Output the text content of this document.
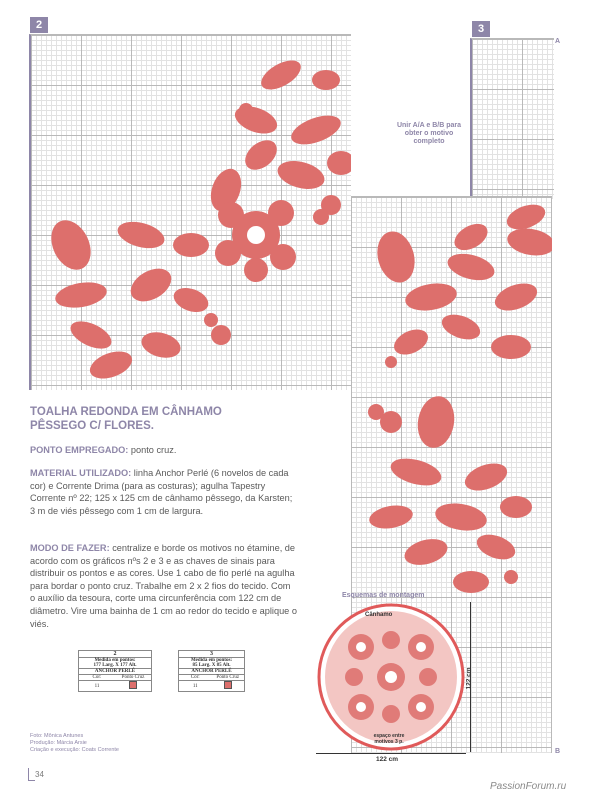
2	3
A
Unir A/A e B/B para obter o motivo completo
B
TOALHA REDONDA EM CÂNHAMO
PÊSSEGO C/ FLORES.
PONTO EMPREGADO: ponto cruz.
MATERIAL UTILIZADO: linha Anchor Perlé (6 novelos de cada cor) e Corrente Drima (para as costuras); agulha Tapestry Corrente nº 22; 125 x 125 cm de cânhamo pêssego, da Karsten; 3 m de viés pêssego com 1 cm de largura.
MODO DE FAZER: centralize e borde os motivos no étamine, de acordo com os gráficos nºs 2 e 3 e as chaves de sinais para distribuir os pontos e as cores. Use 1 cabo de fio perlé na agulha para bordar o ponto cruz. Trabalhe em 2 x 2 fios do tecido. Com o auxílio da tesoura, corte uma circunferência com 122 cm de diâmetro. Vire uma bainha de 1 cm ao redor do tecido e aplique o viés.
2
Medida em pontos:
177 Larg. X 177 Alt.
ANCHOR PERLÉ
Cor:	Ponto Cruz
11
3
Medida em pontos:
85 Larg. X 85 Alt.
ANCHOR PERLÉ
Cor:	Ponto Cruz
11
Foto: Mônica Antunes
Produção: Márcia Arsie
Criação e execução: Coats Corrente
Esquemas de montagem
Cânhamo
espaço entre motivos 3 p.
122 cm
122 cm
34
PassionForum.ru
